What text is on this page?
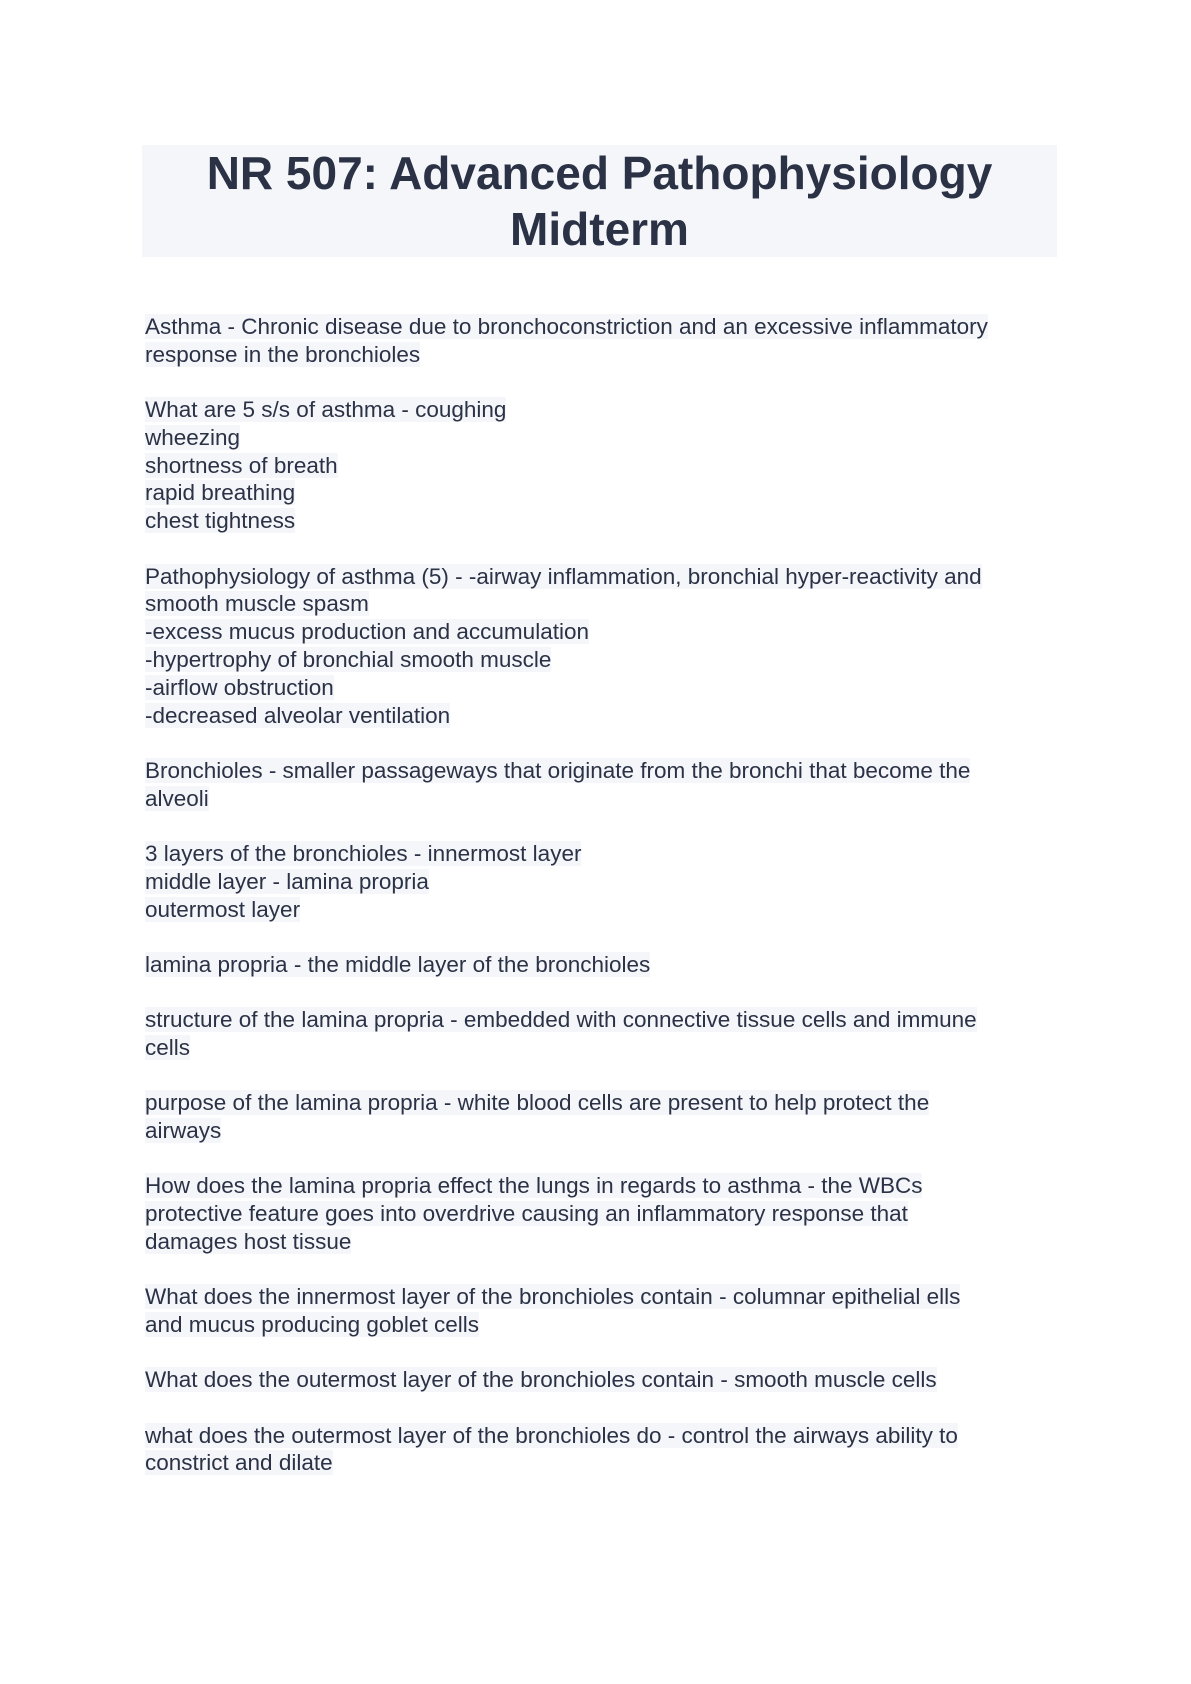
NR 507: Advanced Pathophysiology
Midterm
Asthma - Chronic disease due to bronchoconstriction and an excessive inflammatory
response in the bronchioles
What are 5 s/s of asthma - coughing
wheezing
shortness of breath
rapid breathing
chest tightness
Pathophysiology of asthma (5) - -airway inflammation, bronchial hyper-reactivity and
smooth muscle spasm
-excess mucus production and accumulation
-hypertrophy of bronchial smooth muscle
-airflow obstruction
-decreased alveolar ventilation
Bronchioles - smaller passageways that originate from the bronchi that become the
alveoli
3 layers of the bronchioles - innermost layer
middle layer - lamina propria
outermost layer
lamina propria - the middle layer of the bronchioles
structure of the lamina propria - embedded with connective tissue cells and immune
cells
purpose of the lamina propria - white blood cells are present to help protect the
airways
How does the lamina propria effect the lungs in regards to asthma - the WBCs
protective feature goes into overdrive causing an inflammatory response that
damages host tissue
What does the innermost layer of the bronchioles contain - columnar epithelial ells
and mucus producing goblet cells
What does the outermost layer of the bronchioles contain - smooth muscle cells
what does the outermost layer of the bronchioles do - control the airways ability to
constrict and dilate
